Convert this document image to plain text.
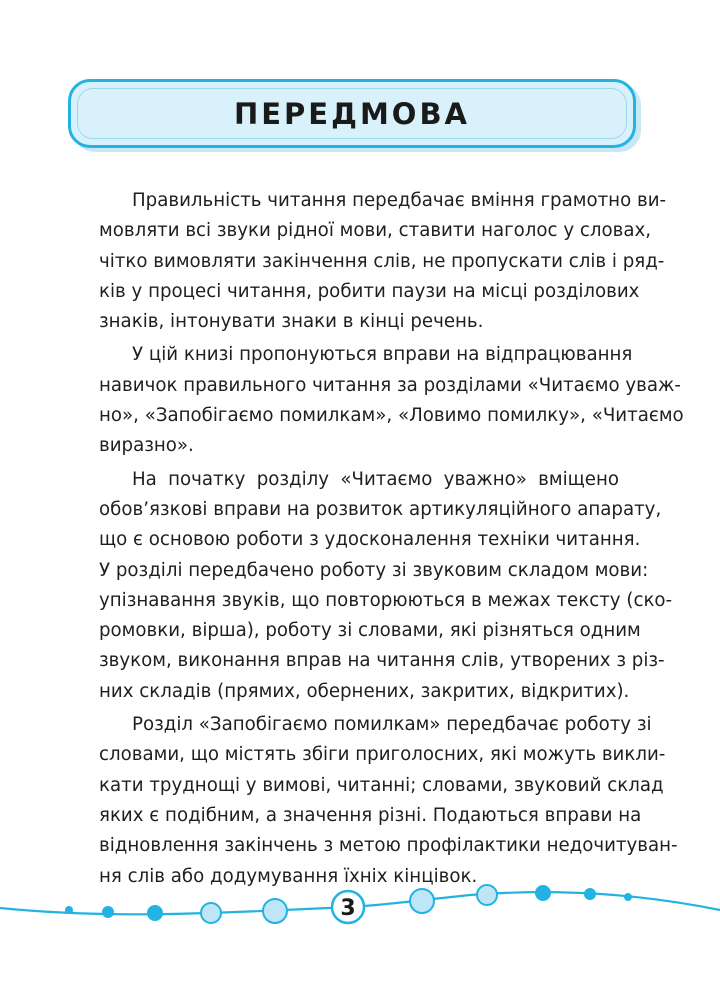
ПЕРЕДМОВА

Правильність читання передбачає вміння грамотно ви-
мовляти всі звуки рідної мови, ставити наголос у словах,
чітко вимовляти закінчення слів, не пропускати слів і ряд-
ків у процесі читання, робити паузи на місці розділових
знаків, інтонувати знаки в кінці речень.

У цій книзі пропонуються вправи на відпрацювання
навичок правильного читання за розділами «Читаємо уваж-
но», «Запобігаємо помилкам», «Ловимо помилку», «Читаємо
виразно».

На початку розділу «Читаємо уважно» вміщено
обов’язкові вправи на розвиток артикуляційного апарату,
що є основою роботи з удосконалення техніки читання.
У розділі передбачено роботу зі звуковим складом мови:
упізнавання звуків, що повторюються в межах тексту (ско-
ромовки, вірша), роботу зі словами, які різняться одним
звуком, виконання вправ на читання слів, утворених з різ-
них складів (прямих, обернених, закритих, відкритих).

Розділ «Запобігаємо помилкам» передбачає роботу зі
словами, що містять збіги приголосних, які можуть викли-
кати труднощі у вимові, читанні; словами, звуковий склад
яких є подібним, а значення різні. Подаються вправи на
відновлення закінчень з метою профілактики недочитуван-
ня слів або додумування їхніх кінцівок.

3
